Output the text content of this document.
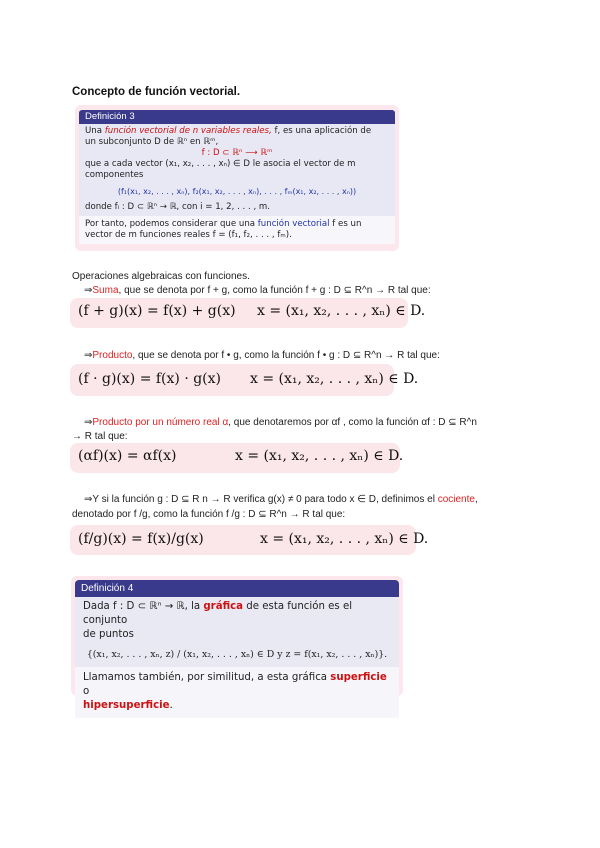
Concepto de función vectorial.
Definición 3
Una función vectorial de n variables reales, f, es una aplicación de
un subconjunto D de ℝⁿ en ℝᵐ,
f : D ⊂ ℝⁿ ⟶ ℝᵐ
que a cada vector (x₁, x₂, . . . , xₙ) ∈ D le asocia el vector de m
componentes
(f₁(x₁, x₂, . . . , xₙ), f₂(x₁, x₂, . . . , xₙ), . . . , fₘ(x₁, x₂, . . . , xₙ))
donde fᵢ : D ⊂ ℝⁿ → ℝ, con i = 1, 2, . . . , m.
Por tanto, podemos considerar que una función vectorial f es un
vector de m funciones reales f = (f₁, f₂, . . . , fₘ).
Operaciones algebraicas con funciones.
⇒Suma, que se denota por f + g, como la función f + g : D ⊆ R^n → R tal que:
(f + g)(x) = f(x) + g(x) x = (x₁, x₂, . . . , xₙ) ∈ D.
⇒Producto, que se denota por f • g, como la función f • g : D ⊆ R^n → R tal que:
(f · g)(x) = f(x) · g(x) x = (x₁, x₂, . . . , xₙ) ∈ D.
⇒Producto por un número real α, que denotaremos por αf , como la función αf : D ⊆ R^n
→ R tal que:
(αf)(x) = αf(x)	x = (x₁, x₂, . . . , xₙ) ∈ D.
⇒Y si la función g : D ⊆ R n → R verifica g(x) ≠ 0 para todo x ∈ D, definimos el cociente,
denotado por f /g, como la función f /g : D ⊆ R^n → R tal que:
(f/g)(x) = f(x)/g(x)	x = (x₁, x₂, . . . , xₙ) ∈ D.
Definición 4
Dada f : D ⊂ ℝⁿ → ℝ, la gráfica de esta función es el conjunto
de puntos
{(x₁, x₂, . . . , xₙ, z) / (x₁, x₂, . . . , xₙ) ∈ D y z = f(x₁, x₂, . . . , xₙ)}.
Llamamos también, por similitud, a esta gráfica superficie o
hipersuperficie.
